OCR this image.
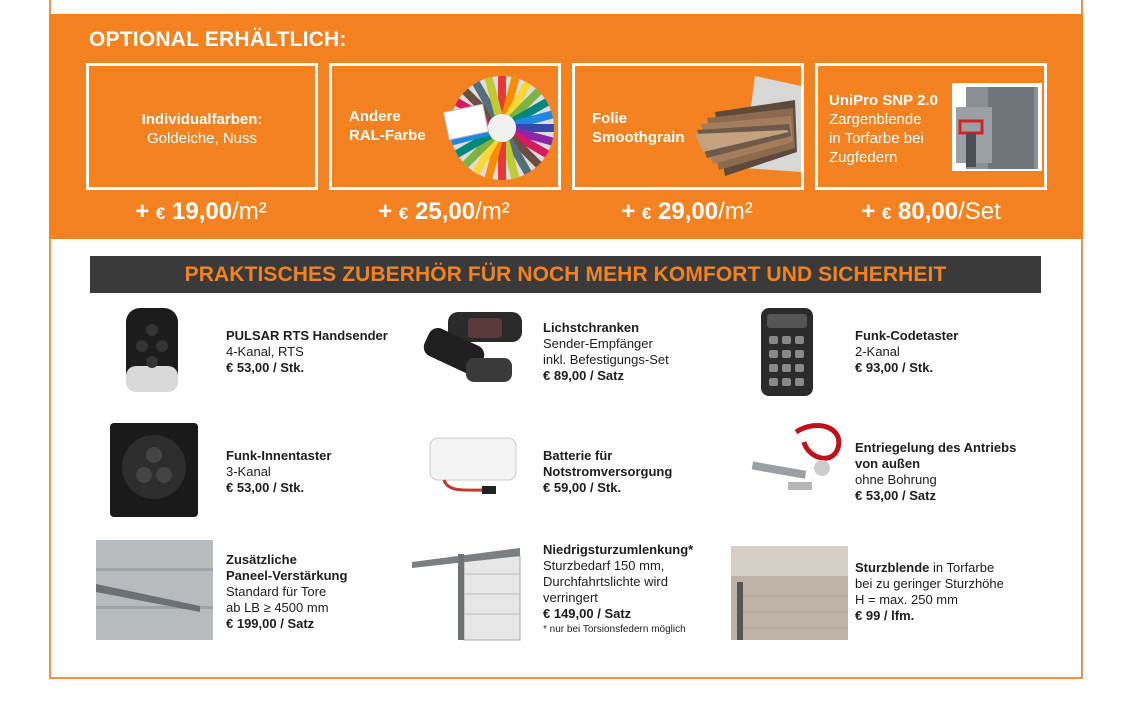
OPTIONAL ERHÄLTLICH:
Individualfarben:
Goldeiche, Nuss
Andere
RAL-Farbe
Folie
Smoothgrain
UniPro SNP 2.0
Zargenblende
in Torfarbe bei
Zugfedern
+ € 19,00/m²	+ € 25,00/m²	+ € 29,00/m²	+ € 80,00/Set
PRAKTISCHES ZUBERHÖR FÜR NOCH MEHR KOMFORT UND SICHERHEIT
PULSAR RTS Handsender
4-Kanal, RTS
€ 53,00 / Stk.
Lichstchranken
Sender-Empfänger
inkl. Befestigungs-Set
€ 89,00 / Satz
Funk-Codetaster
2-Kanal
€ 93,00 / Stk.
Funk-Innentaster
3-Kanal
€ 53,00 / Stk.
Batterie für
Notstromversorgung
€ 59,00 / Stk.
Entriegelung des Antriebs
von außen
ohne Bohrung
€ 53,00 / Satz
Zusätzliche
Paneel-Verstärkung
Standard für Tore
ab LB ≥ 4500 mm
€ 199,00 / Satz
Niedrigsturzumlenkung*
Sturzbedarf 150 mm,
Durchfahrtslichte wird
verringert
€ 149,00 / Satz
* nur bei Torsionsfedern möglich
Sturzblende in Torfarbe
bei zu geringer Sturzhöhe
H = max. 250 mm
€ 99 / lfm.
